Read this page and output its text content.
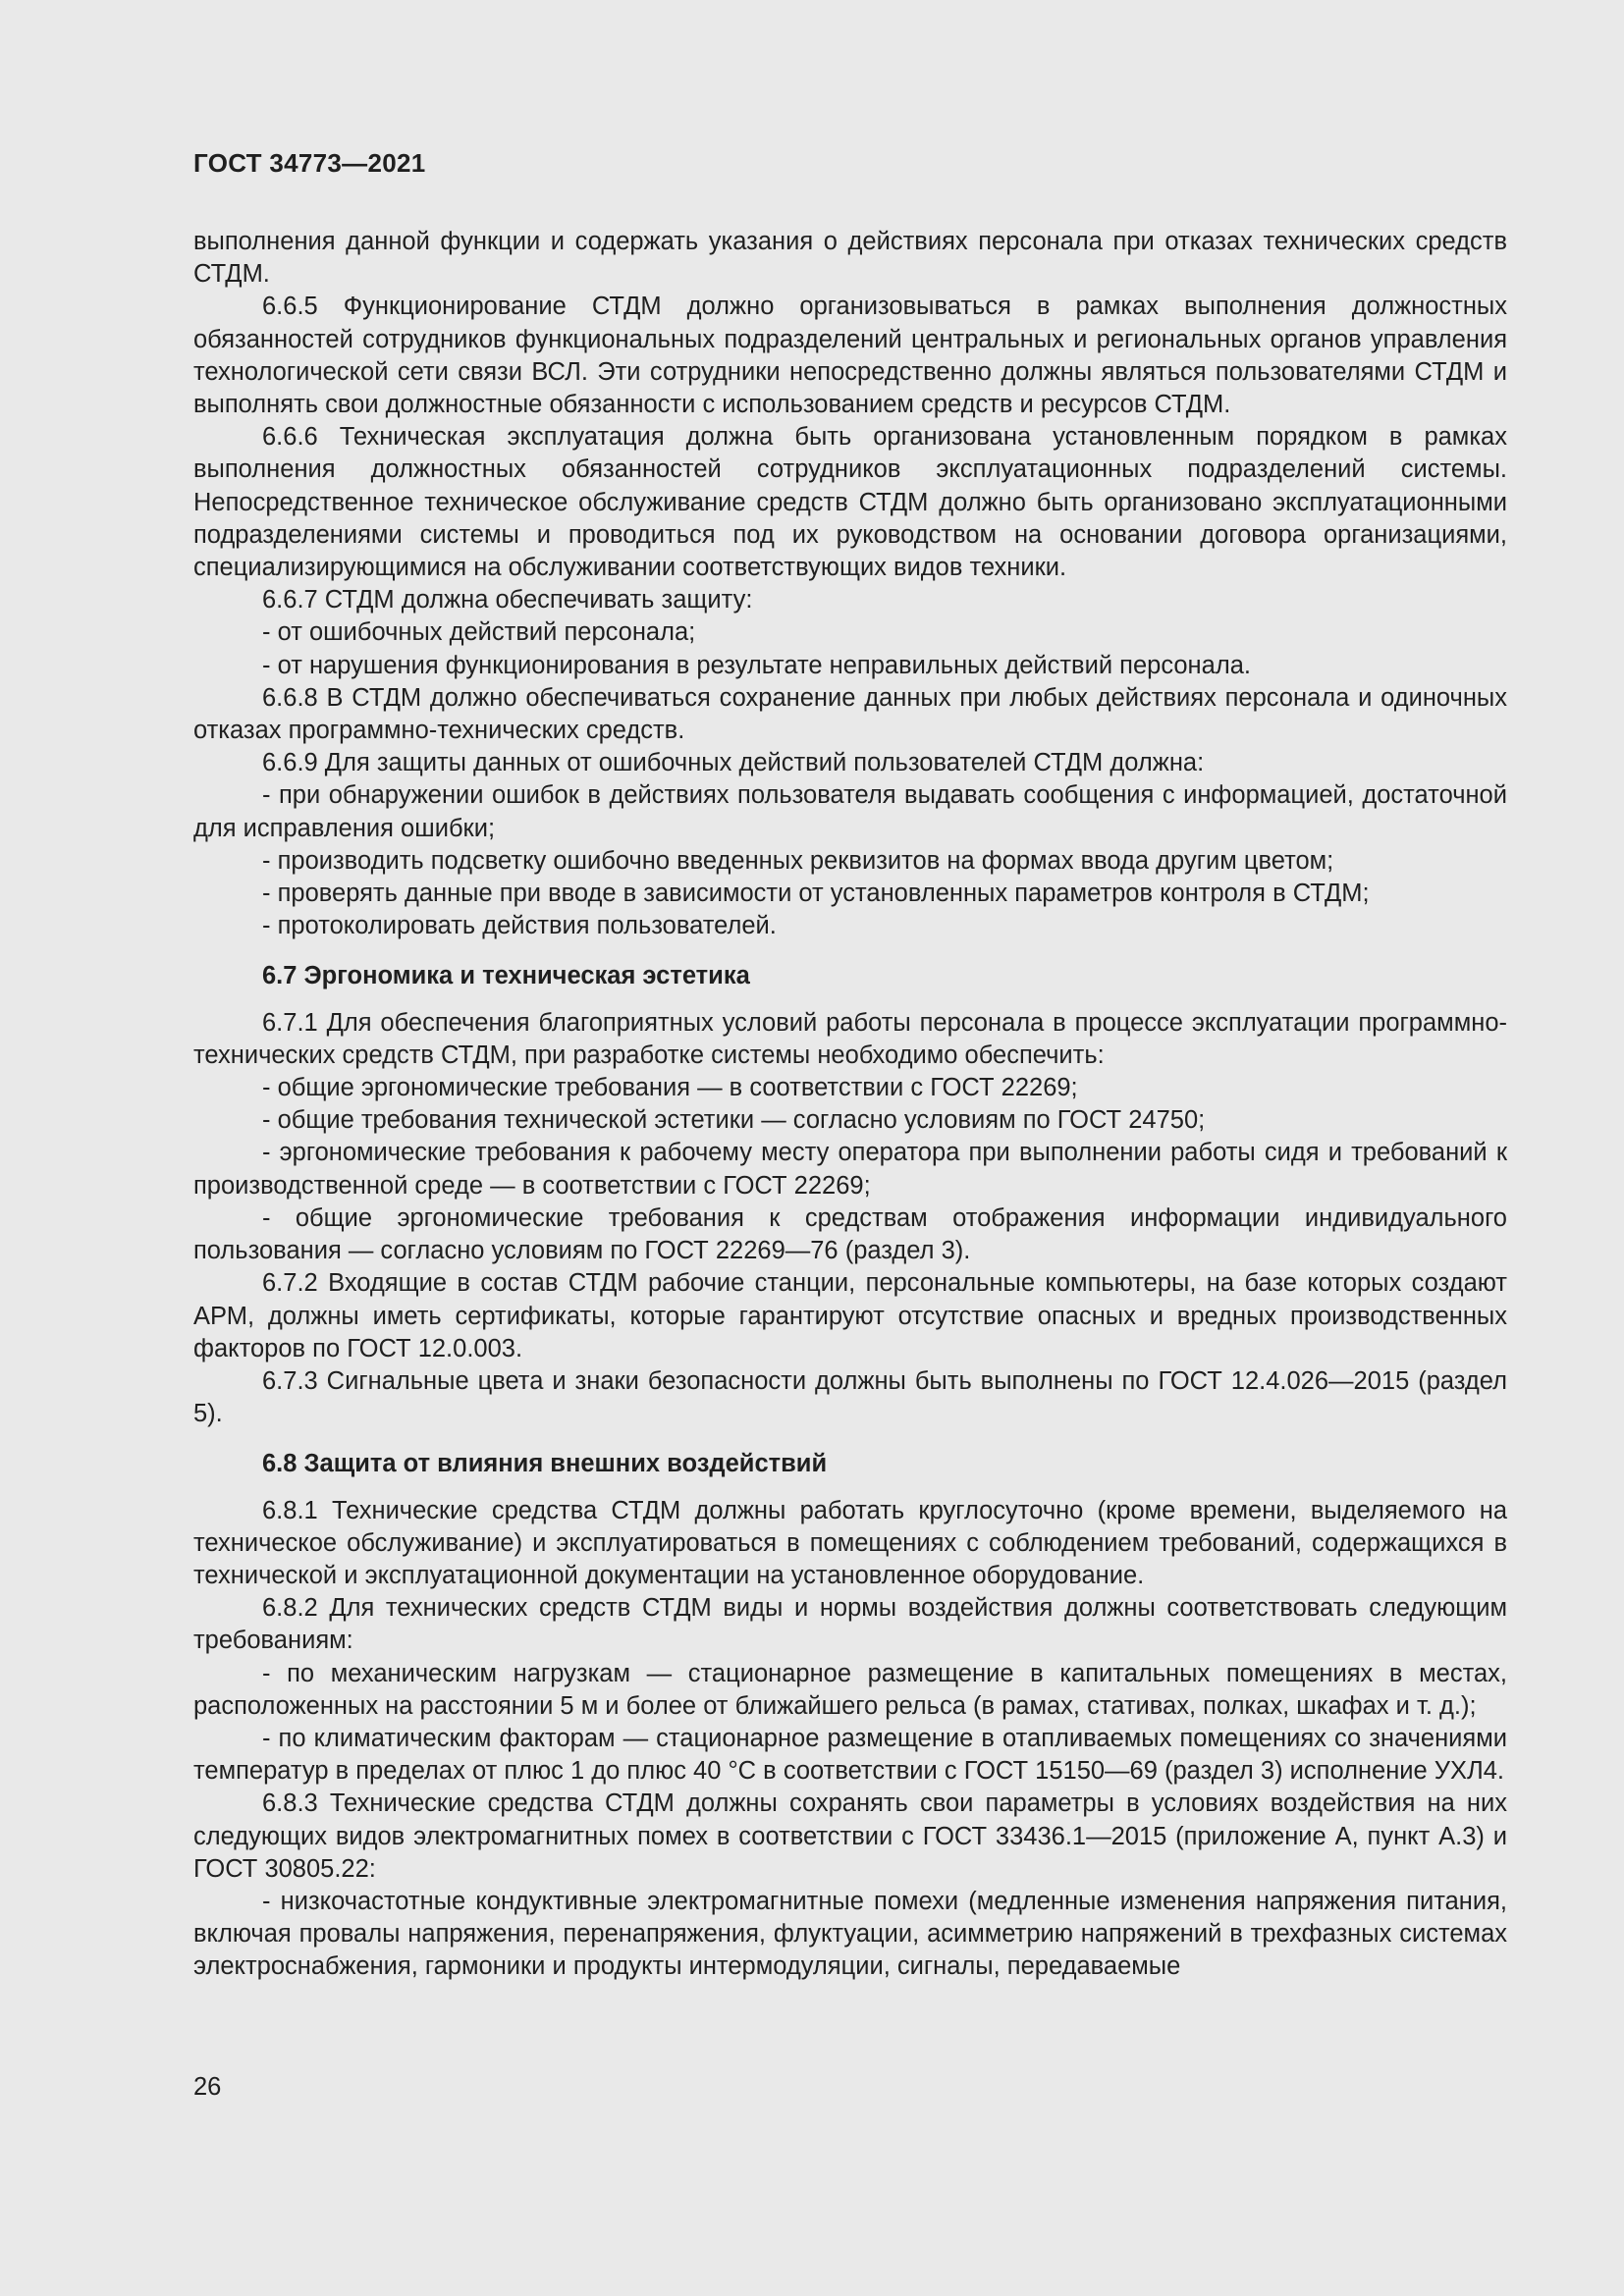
ГОСТ 34773—2021

выполнения данной функции и содержать указания о действиях персонала при отказах технических средств СТДМ.

6.6.5 Функционирование СТДМ должно организовываться в рамках выполнения должностных обязанностей сотрудников функциональных подразделений центральных и региональных органов управления технологической сети связи ВСЛ. Эти сотрудники непосредственно должны являться пользователями СТДМ и выполнять свои должностные обязанности с использованием средств и ресурсов СТДМ.

6.6.6 Техническая эксплуатация должна быть организована установленным порядком в рамках выполнения должностных обязанностей сотрудников эксплуатационных подразделений системы. Непосредственное техническое обслуживание средств СТДМ должно быть организовано эксплуатационными подразделениями системы и проводиться под их руководством на основании договора организациями, специализирующимися на обслуживании соответствующих видов техники.

6.6.7 СТДМ должна обеспечивать защиту:

- от ошибочных действий персонала;

- от нарушения функционирования в результате неправильных действий персонала.

6.6.8 В СТДМ должно обеспечиваться сохранение данных при любых действиях персонала и одиночных отказах программно-технических средств.

6.6.9 Для защиты данных от ошибочных действий пользователей СТДМ должна:

- при обнаружении ошибок в действиях пользователя выдавать сообщения с информацией, достаточной для исправления ошибки;

- производить подсветку ошибочно введенных реквизитов на формах ввода другим цветом;

- проверять данные при вводе в зависимости от установленных параметров контроля в СТДМ;

- протоколировать действия пользователей.

6.7 Эргономика и техническая эстетика

6.7.1 Для обеспечения благоприятных условий работы персонала в процессе эксплуатации программно-технических средств СТДМ, при разработке системы необходимо обеспечить:

- общие эргономические требования — в соответствии с ГОСТ 22269;

- общие требования технической эстетики — согласно условиям по ГОСТ 24750;

- эргономические требования к рабочему месту оператора при выполнении работы сидя и требований к производственной среде — в соответствии с ГОСТ 22269;

- общие эргономические требования к средствам отображения информации индивидуального пользования — согласно условиям по ГОСТ 22269—76 (раздел 3).

6.7.2 Входящие в состав СТДМ рабочие станции, персональные компьютеры, на базе которых создают АРМ, должны иметь сертификаты, которые гарантируют отсутствие опасных и вредных производственных факторов по ГОСТ 12.0.003.

6.7.3 Сигнальные цвета и знаки безопасности должны быть выполнены по ГОСТ 12.4.026—2015 (раздел 5).

6.8 Защита от влияния внешних воздействий

6.8.1 Технические средства СТДМ должны работать круглосуточно (кроме времени, выделяемого на техническое обслуживание) и эксплуатироваться в помещениях с соблюдением требований, содержащихся в технической и эксплуатационной документации на установленное оборудование.

6.8.2 Для технических средств СТДМ виды и нормы воздействия должны соответствовать следующим требованиям:

- по механическим нагрузкам — стационарное размещение в капитальных помещениях в местах, расположенных на расстоянии 5 м и более от ближайшего рельса (в рамах, стативах, полках, шкафах и т. д.);

- по климатическим факторам — стационарное размещение в отапливаемых помещениях со значениями температур в пределах от плюс 1 до плюс 40 °С в соответствии с ГОСТ 15150—69 (раздел 3) исполнение УХЛ4.

6.8.3 Технические средства СТДМ должны сохранять свои параметры в условиях воздействия на них следующих видов электромагнитных помех в соответствии с ГОСТ 33436.1—2015 (приложение А, пункт А.3) и ГОСТ 30805.22:

- низкочастотные кондуктивные электромагнитные помехи (медленные изменения напряжения питания, включая провалы напряжения, перенапряжения, флуктуации, асимметрию напряжений в трехфазных системах электроснабжения, гармоники и продукты интермодуляции, сигналы, передаваемые

26
